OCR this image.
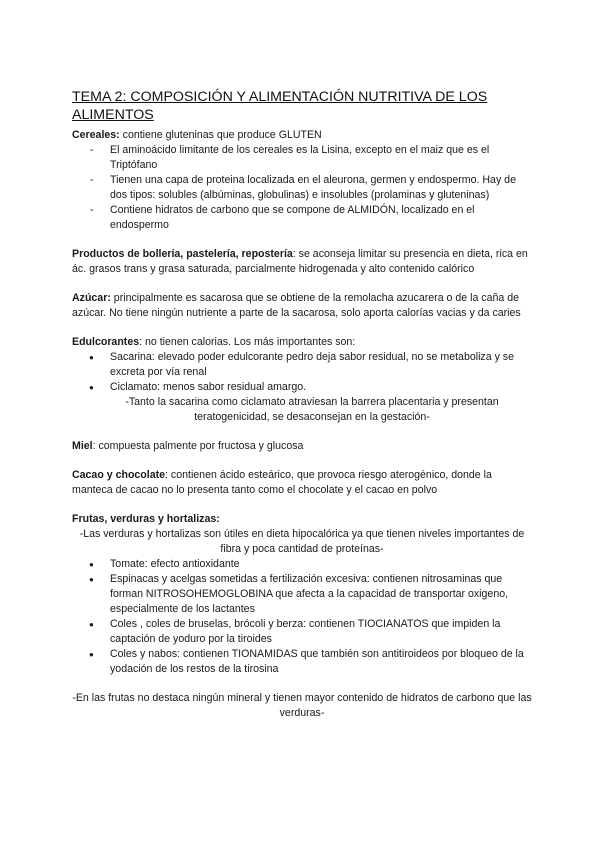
TEMA 2: COMPOSICIÓN Y ALIMENTACIÓN NUTRITIVA DE LOS ALIMENTOS

Cereales: contiene gluteninas que produce GLUTEN

- El aminoácido limitante de los cereales es la Lisina, excepto en el maiz que es el Triptófano
- Tienen una capa de proteina localizada en el aleurona, germen y endospermo. Hay de dos tipos: solubles (albúminas, globulinas) e insolubles (prolaminas y gluteninas)
- Contiene hidratos de carbono que se compone de ALMIDÓN, localizado en el endospermo

Productos de bollería, pastelería, repostería: se aconseja limitar su presencia en dieta, rica en ác. grasos trans y grasa saturada, parcialmente hidrogenada y alto contenido calórico

Azúcar: principalmente es sacarosa que se obtiene de la remolacha azucarera o de la caña de azúcar. No tiene ningún nutriente a parte de la sacarosa, solo aporta calorías vacias y da caries

Edulcorantes: no tienen calorias. Los más importantes son:

● Sacarina: elevado poder edulcorante pedro deja sabor residual, no se metaboliza y se excreta por vía renal
● Ciclamato: menos sabor residual amargo.

-Tanto la sacarina como ciclamato atraviesan la barrera placentaria y presentan teratogenicidad, se desaconsejan en la gestación-

Miel: compuesta palmente por fructosa y glucosa

Cacao y chocolate: contienen ácido esteárico, que provoca riesgo aterogénico, donde la manteca de cacao no lo presenta tanto como el chocolate y el cacao en polvo

Frutas, verduras y hortalizas:

-Las verduras y hortalizas son útiles en dieta hipocalórica ya que tienen niveles importantes de fibra y poca cantidad de proteínas-

● Tomate: efecto antioxidante
● Espinacas y acelgas sometidas a fertilización excesiva: contienen nitrosaminas que forman NITROSOHEMOGLOBINA que afecta a la capacidad de transportar oxigeno, especialmente de los lactantes
● Coles , coles de bruselas, brócoli y berza: contienen TIOCIANATOS que impiden la captación de yoduro por la tiroides
● Coles y nabos: contienen TIONAMIDAS que también son antitiroideos por bloqueo de la yodación de los restos de la tirosina

-En las frutas no destaca ningún mineral y tienen mayor contenido de hidratos de carbono que las verduras-
